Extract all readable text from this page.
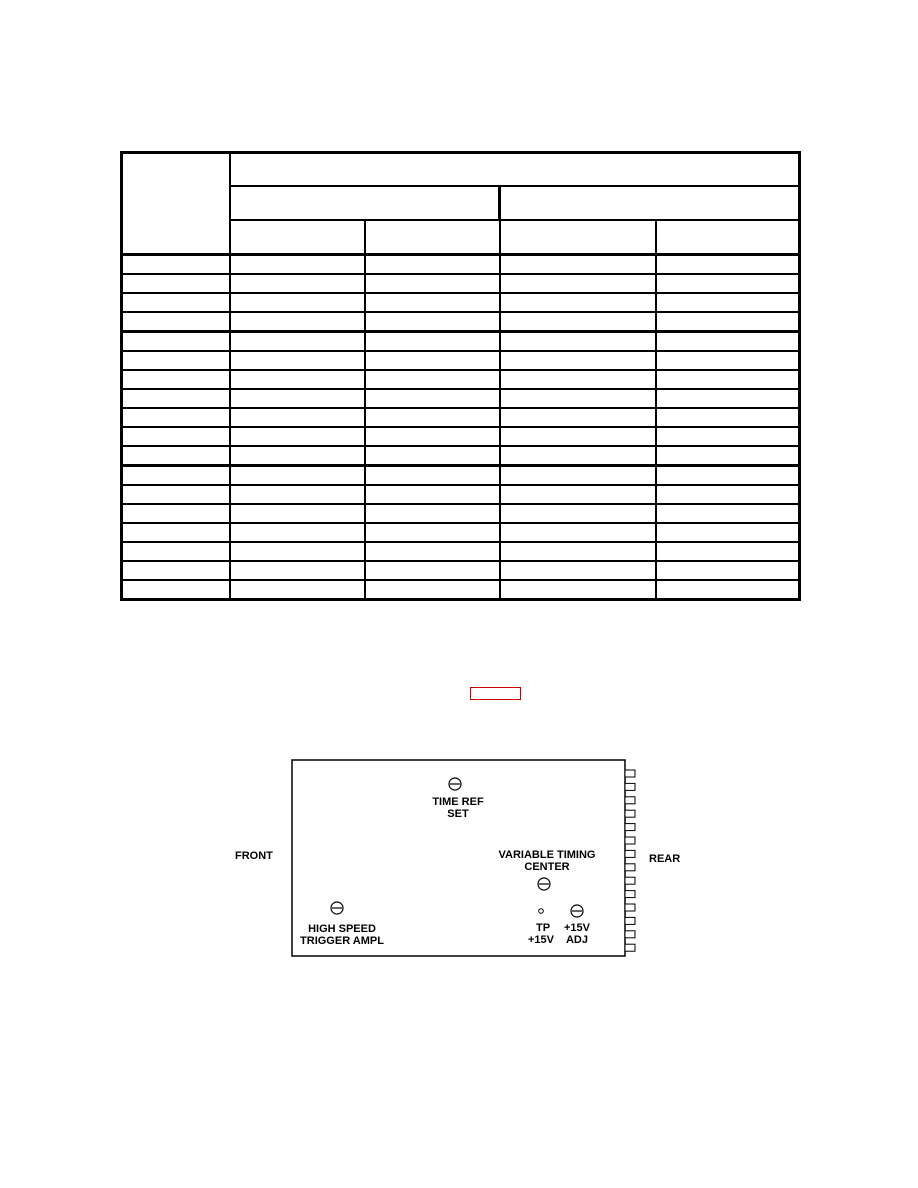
FRONT	REAR
TIME REF
SET
VARIABLE TIMING
CENTER
HIGH SPEED
TRIGGER AMPL
TP
+15V
+15V
ADJ
